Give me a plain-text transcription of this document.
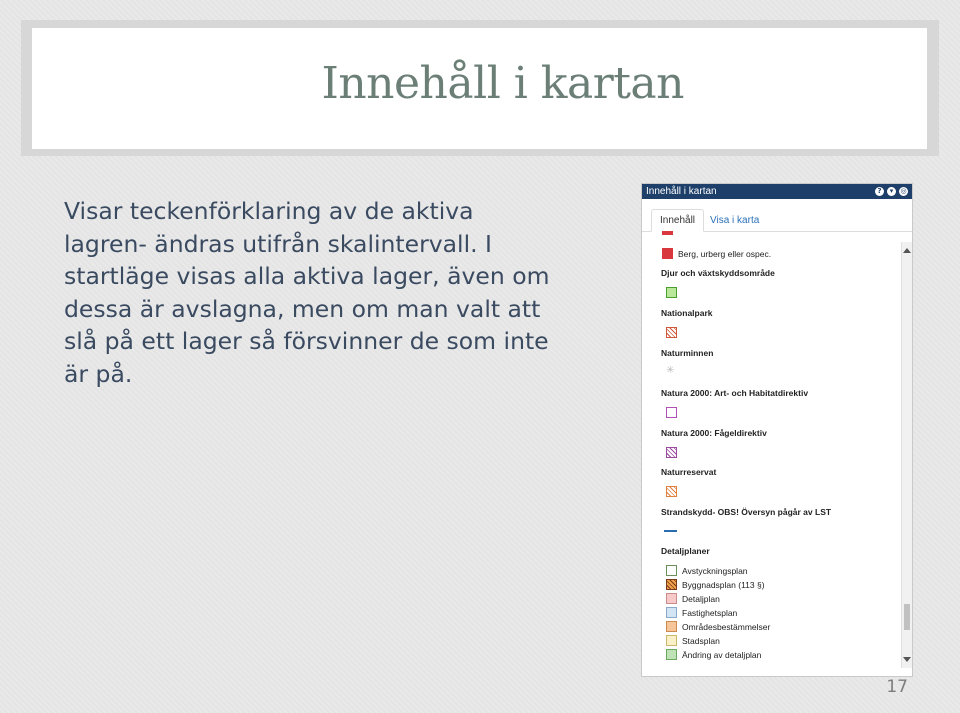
Innehåll i kartan
Visar teckenförklaring av de aktiva
lagren- ändras utifrån skalintervall. I
startläge visas alla aktiva lager, även om
dessa är avslagna, men om man valt att
slå på ett lager så försvinner de som inte
är på.
17
Innehåll i kartan	?	▾	◎
Innehåll	Visa i karta
Berg, urberg eller ospec.
Djur och växtskyddsområde
Nationalpark
Naturminnen
✳
Natura 2000: Art- och Habitatdirektiv
Natura 2000: Fågeldirektiv
Naturreservat
Strandskydd- OBS! Översyn pågår av LST
Detaljplaner
Avstyckningsplan
Byggnadsplan (113 §)
Detaljplan
Fastighetsplan
Områdesbestämmelser
Stadsplan
Ändring av detaljplan
